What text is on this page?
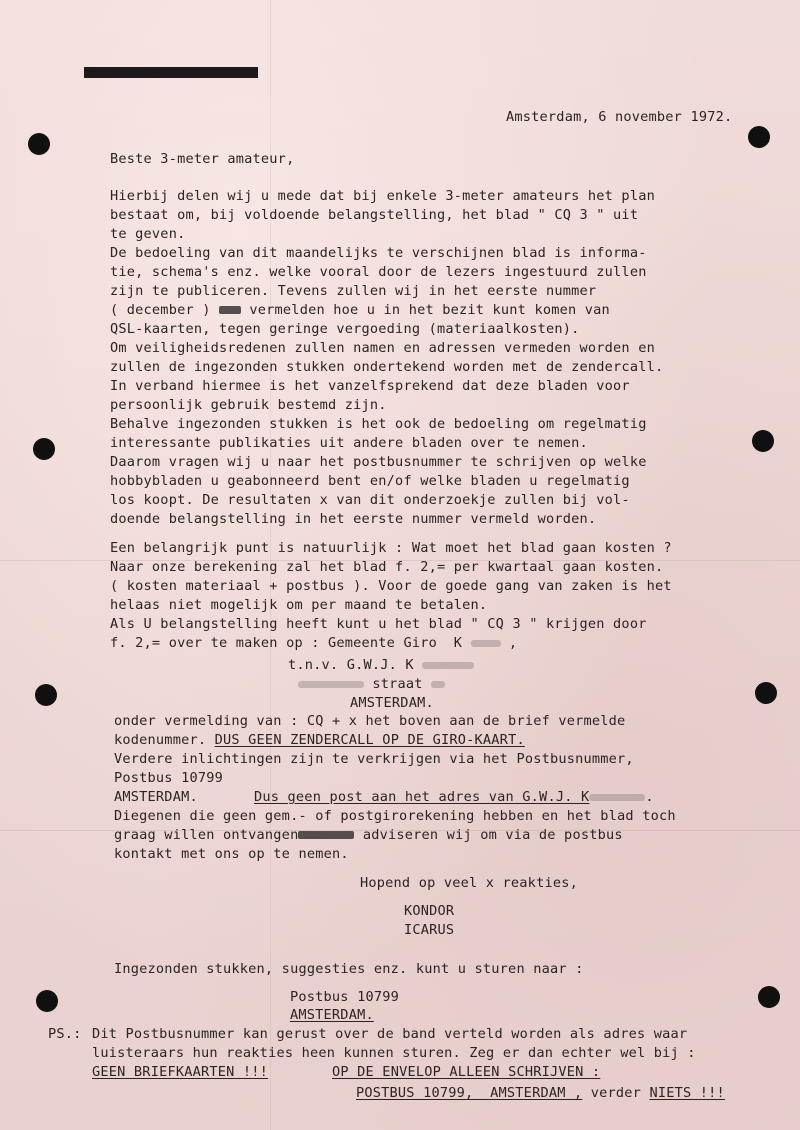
Amsterdam, 6 november 1972.
Beste 3-meter amateur,
Hierbij delen wij u mede dat bij enkele 3-meter amateurs het plan
bestaat om, bij voldoende belangstelling, het blad " CQ 3 " uit
te geven.
De bedoeling van dit maandelijks te verschijnen blad is informa-
tie, schema's enz. welke vooral door de lezers ingestuurd zullen
zijn te publiceren. Tevens zullen wij in het eerste nummer
( december )  vermelden hoe u in het bezit kunt komen van
QSL-kaarten, tegen geringe vergoeding (materiaalkosten).
Om veiligheidsredenen zullen namen en adressen vermeden worden en
zullen de ingezonden stukken ondertekend worden met de zendercall.
In verband hiermee is het vanzelfsprekend dat deze bladen voor
persoonlijk gebruik bestemd zijn.
Behalve ingezonden stukken is het ook de bedoeling om regelmatig
interessante publikaties uit andere bladen over te nemen.
Daarom vragen wij u naar het postbusnummer te schrijven op welke
hobbybladen u geabonneerd bent en/of welke bladen u regelmatig
los koopt. De resultaten x van dit onderzoekje zullen bij vol-
doende belangstelling in het eerste nummer vermeld worden.
Een belangrijk punt is natuurlijk : Wat moet het blad gaan kosten ?
Naar onze berekening zal het blad f. 2,= per kwartaal gaan kosten.
( kosten materiaal + postbus ). Voor de goede gang van zaken is het
helaas niet mogelijk om per maand te betalen.
Als U belangstelling heeft kunt u het blad " CQ 3 " krijgen door
f. 2,= over te maken op : Gemeente Giro  K	,
t.n.v. G.W.J. K
straat
AMSTERDAM.
onder vermelding van : CQ + x het boven aan de brief vermelde
kodenummer. DUS GEEN ZENDERCALL OP DE GIRO-KAART.
Verdere inlichtingen zijn te verkrijgen via het Postbusnummer,
Postbus 10799
AMSTERDAM.	Dus geen post aan het adres van G.W.J. K	.
Diegenen die geen gem.- of postgirorekening hebben en het blad toch
graag willen ontvangen	adviseren wij om via de postbus
kontakt met ons op te nemen.
Hopend op veel x reakties,
KONDOR
ICARUS
Ingezonden stukken, suggesties enz. kunt u sturen naar :
Postbus 10799
AMSTERDAM.
PS.: Dit Postbusnummer kan gerust over de band verteld worden als adres waar
luisteraars hun reakties heen kunnen sturen. Zeg er dan echter wel bij :
GEEN BRIEFKAARTEN !!!	OP DE ENVELOP ALLEEN SCHRIJVEN :
POSTBUS 10799,  AMSTERDAM , verder NIETS !!!
